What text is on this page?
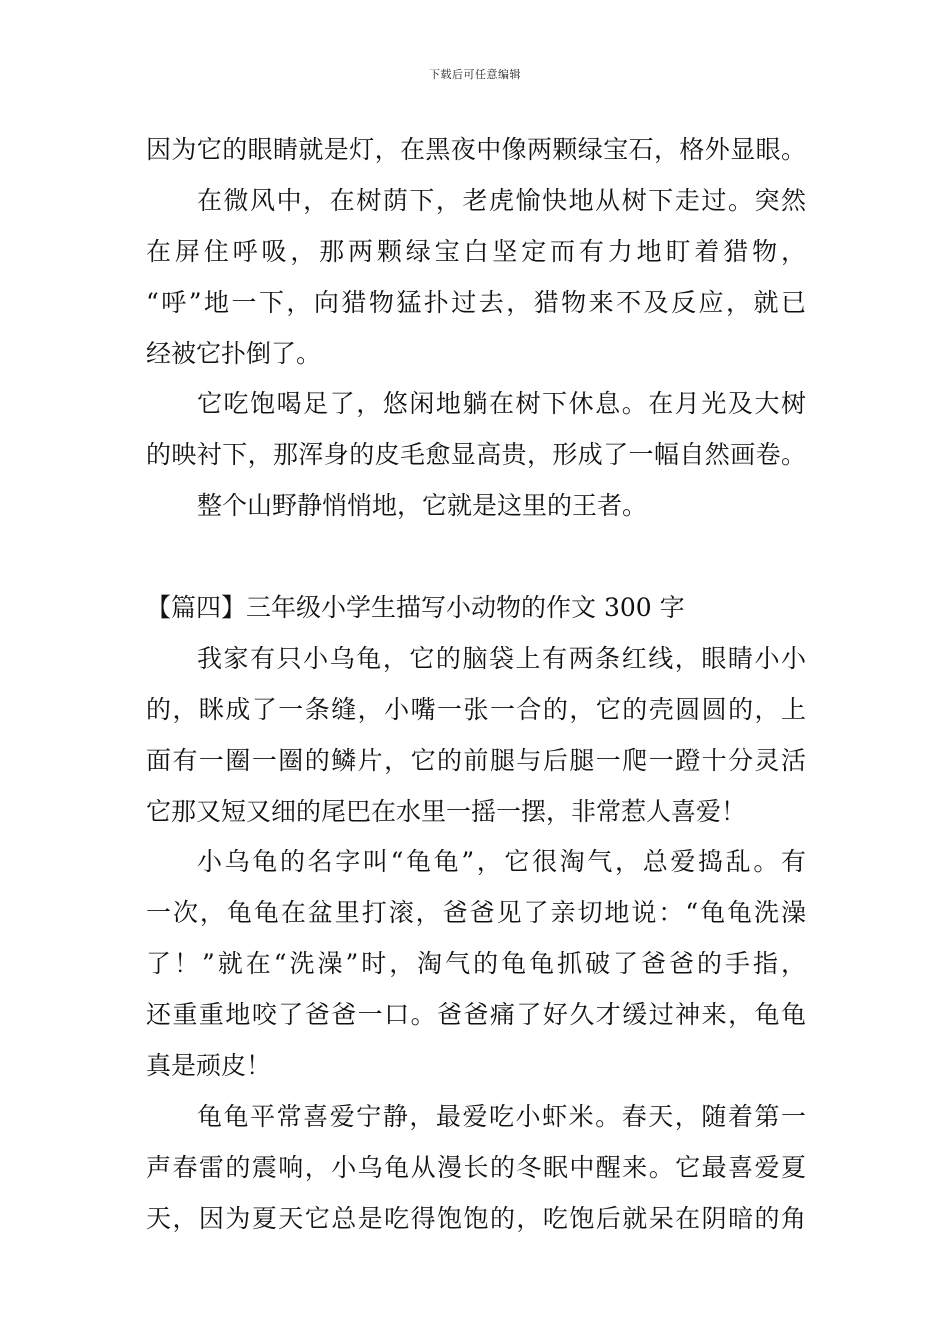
下载后可任意编辑
因为它的眼睛就是灯，在黑夜中像两颗绿宝石，格外显眼。
在微风中，在树荫下，老虎愉快地从树下走过。突然
在屏住呼吸，那两颗绿宝白坚定而有力地盯着猎物，
“呼”地一下，向猎物猛扑过去，猎物来不及反应，就已
经被它扑倒了。
它吃饱喝足了，悠闲地躺在树下休息。在月光及大树
的映衬下，那浑身的皮毛愈显高贵，形成了一幅自然画卷。
整个山野静悄悄地，它就是这里的王者。
【篇四】三年级小学生描写小动物的作文 300 字
我家有只小乌龟，它的脑袋上有两条红线，眼睛小小
的，眯成了一条缝，小嘴一张一合的，它的壳圆圆的，上
面有一圈一圈的鳞片，它的前腿与后腿一爬一蹬十分灵活
它那又短又细的尾巴在水里一摇一摆，非常惹人喜爱！
小乌龟的名字叫“龟龟”，它很淘气，总爱捣乱。有
一次，龟龟在盆里打滚，爸爸见了亲切地说：“龟龟洗澡
了！”就在“洗澡”时，淘气的龟龟抓破了爸爸的手指，
还重重地咬了爸爸一口。爸爸痛了好久才缓过神来，龟龟
真是顽皮！
龟龟平常喜爱宁静，最爱吃小虾米。春天，随着第一
声春雷的震响，小乌龟从漫长的冬眠中醒来。它最喜爱夏
天，因为夏天它总是吃得饱饱的，吃饱后就呆在阴暗的角
